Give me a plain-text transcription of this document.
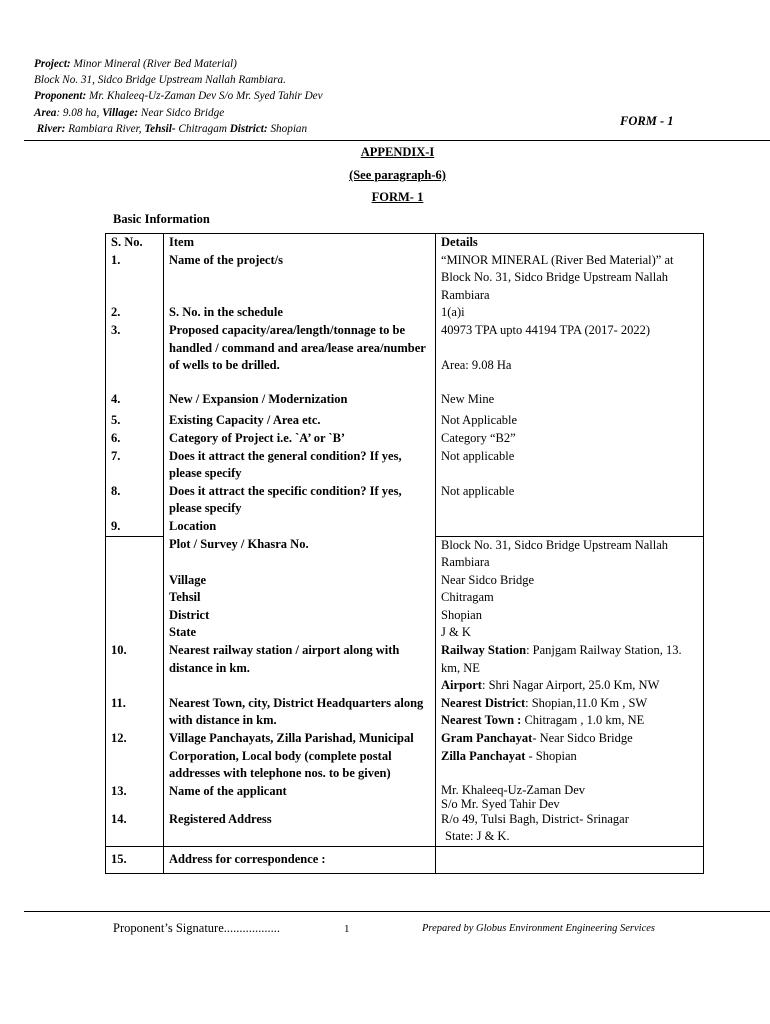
Project: Minor Mineral (River Bed Material)
Block No. 31, Sidco Bridge Upstream Nallah Rambiara.
Proponent: Mr. Khaleeq-Uz-Zaman Dev S/o Mr. Syed Tahir Dev
Area: 9.08 ha, Village: Near Sidco Bridge
River: Rambiara River, Tehsil- Chitragam District: Shopian
FORM - 1
APPENDIX-I
(See paragraph-6)
FORM- 1
Basic Information
S. No.	Item	Details
1.	Name of the project/s	“MINOR MINERAL (River Bed Material)” at Block No. 31, Sidco Bridge Upstream Nallah Rambiara
2.	S. No. in the schedule	1(a)i
3.	Proposed capacity/area/length/tonnage to be handled / command and area/lease area/number of wells to be drilled.	40973 TPA upto 44194 TPA (2017- 2022)
Area: 9.08 Ha

4.	New / Expansion / Modernization	New Mine

5.	Existing Capacity / Area etc.	Not Applicable
6.	Category of Project i.e. `A’ or `B’	Category “B2”
7.	Does it attract the general condition? If yes, please specify	Not applicable
8.	Does it attract the specific condition? If yes, please specify	Not applicable
9.	Location	
	Plot / Survey / Khasra No.	Block No. 31, Sidco Bridge Upstream Nallah Rambiara
	Village	Near Sidco Bridge
	Tehsil	Chitragam
	District	Shopian
	State	J & K
10.	Nearest railway station / airport along with distance in km.	Railway Station: Panjgam Railway Station, 13. km, NE
Airport: Shri Nagar Airport, 25.0 Km, NW

11.	Nearest Town, city, District Headquarters along with distance in km.	Nearest District: Shopian,11.0 Km , SW
Nearest Town : Chitragam , 1.0 km, NE

12.	Village Panchayats, Zilla Parishad, Municipal Corporation, Local body (complete postal addresses with telephone nos. to be given)	Gram Panchayat- Near Sidco Bridge
Zilla Panchayat - Shopian

13.	Name of the applicant	Mr. Khaleeq-Uz-Zaman Dev
S/o Mr. Syed Tahir Dev

14.	Registered Address	R/o 49, Tulsi Bagh, District- Srinagar
State: J & K.

15.	Address for correspondence :	
Proponent’s Signature..................	1	Prepared by Globus Environment Engineering Services
